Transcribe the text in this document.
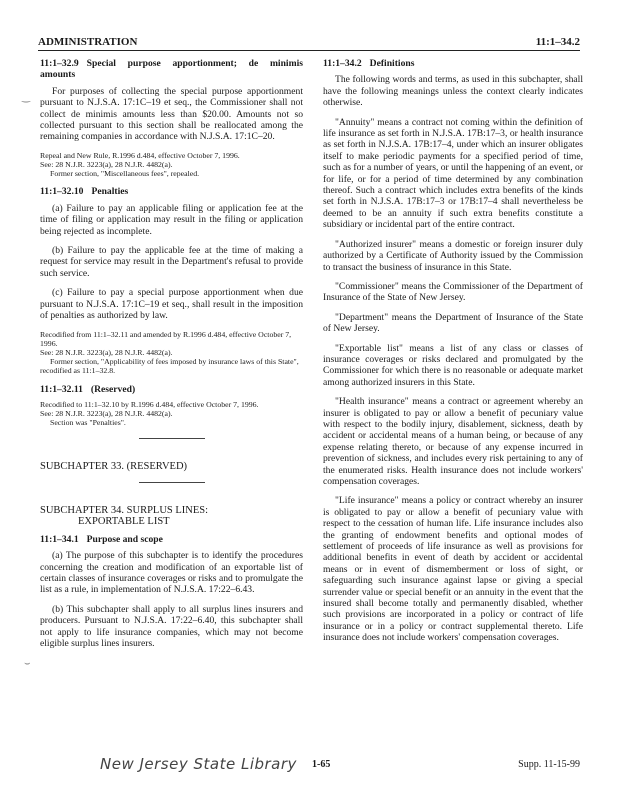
ADMINISTRATION	11:1–34.2
‿
⌣
11:1–32.9 Special purpose apportionment; de minimis amounts

For purposes of collecting the special purpose apportionment pursuant to N.J.S.A. 17:1C–19 et seq., the Commissioner shall not collect de minimis amounts less than $20.00. Amounts not so collected pursuant to this section shall be reallocated among the remaining companies in accordance with N.J.S.A. 17:1C–20.

Repeal and New Rule, R.1996 d.484, effective October 7, 1996.
See: 28 N.J.R. 3223(a), 28 N.J.R. 4482(a).
Former section, "Miscellaneous fees", repealed.
11:1–32.10 Penalties

(a) Failure to pay an applicable filing or application fee at the time of filing or application may result in the filing or application being rejected as incomplete.

(b) Failure to pay the applicable fee at the time of making a request for service may result in the Department's refusal to provide such service.

(c) Failure to pay a special purpose apportionment when due pursuant to N.J.S.A. 17:1C–19 et seq., shall result in the imposition of penalties as authorized by law.

Recodified from 11:1–32.11 and amended by R.1996 d.484, effective October 7, 1996.
See: 28 N.J.R. 3223(a), 28 N.J.R. 4482(a).
Former section, "Applicability of fees imposed by insurance laws of this State", recodified as 11:1–32.8.
11:1–32.11 (Reserved)
Recodified to 11:1–32.10 by R.1996 d.484, effective October 7, 1996.
See: 28 N.J.R. 3223(a), 28 N.J.R. 4482(a).
Section was "Penalties".
SUBCHAPTER 33. (RESERVED)
SUBCHAPTER 34. SURPLUS LINES:
EXPORTABLE LIST
11:1–34.1 Purpose and scope

(a) The purpose of this subchapter is to identify the procedures concerning the creation and modification of an exportable list of certain classes of insurance coverages or risks and to promulgate the list as a rule, in implementation of N.J.S.A. 17:22–6.43.

(b) This subchapter shall apply to all surplus lines insurers and producers. Pursuant to N.J.S.A. 17:22–6.40, this subchapter shall not apply to life insurance companies, which may not become eligible surplus lines insurers.

11:1–34.2 Definitions

The following words and terms, as used in this subchapter, shall have the following meanings unless the context clearly indicates otherwise.

"Annuity" means a contract not coming within the definition of life insurance as set forth in N.J.S.A. 17B:17–3, or health insurance as set forth in N.J.S.A. 17B:17–4, under which an insurer obligates itself to make periodic payments for a specified period of time, such as for a number of years, or until the happening of an event, or for life, or for a period of time determined by any combination thereof. Such a contract which includes extra benefits of the kinds set forth in N.J.S.A. 17B:17–3 or 17B:17–4 shall nevertheless be deemed to be an annuity if such extra benefits constitute a subsidiary or incidental part of the entire contract.

"Authorized insurer" means a domestic or foreign insurer duly authorized by a Certificate of Authority issued by the Commission to transact the business of insurance in this State.

"Commissioner" means the Commissioner of the Department of Insurance of the State of New Jersey.

"Department" means the Department of Insurance of the State of New Jersey.

"Exportable list" means a list of any class or classes of insurance coverages or risks declared and promulgated by the Commissioner for which there is no reasonable or adequate market among authorized insurers in this State.

"Health insurance" means a contract or agreement whereby an insurer is obligated to pay or allow a benefit of pecuniary value with respect to the bodily injury, disablement, sickness, death by accident or accidental means of a human being, or because of any expense relating thereto, or because of any expense incurred in prevention of sickness, and includes every risk pertaining to any of the enumerated risks. Health insurance does not include workers' compensation coverages.

"Life insurance" means a policy or contract whereby an insurer is obligated to pay or allow a benefit of pecuniary value with respect to the cessation of human life. Life insurance includes also the granting of endowment benefits and optional modes of settlement of proceeds of life insurance as well as provisions for additional benefits in event of death by accident or accidental means or in event of dismemberment or loss of sight, or safeguarding such insurance against lapse or giving a special surrender value or special benefit or an annuity in the event that the insured shall become totally and permanently disabled, whether such provisions are incorporated in a policy or contract of life insurance or in a policy or contract supplemental thereto. Life insurance does not include workers' compensation coverages.

New Jersey State Library 1-65	Supp. 11-15-99
